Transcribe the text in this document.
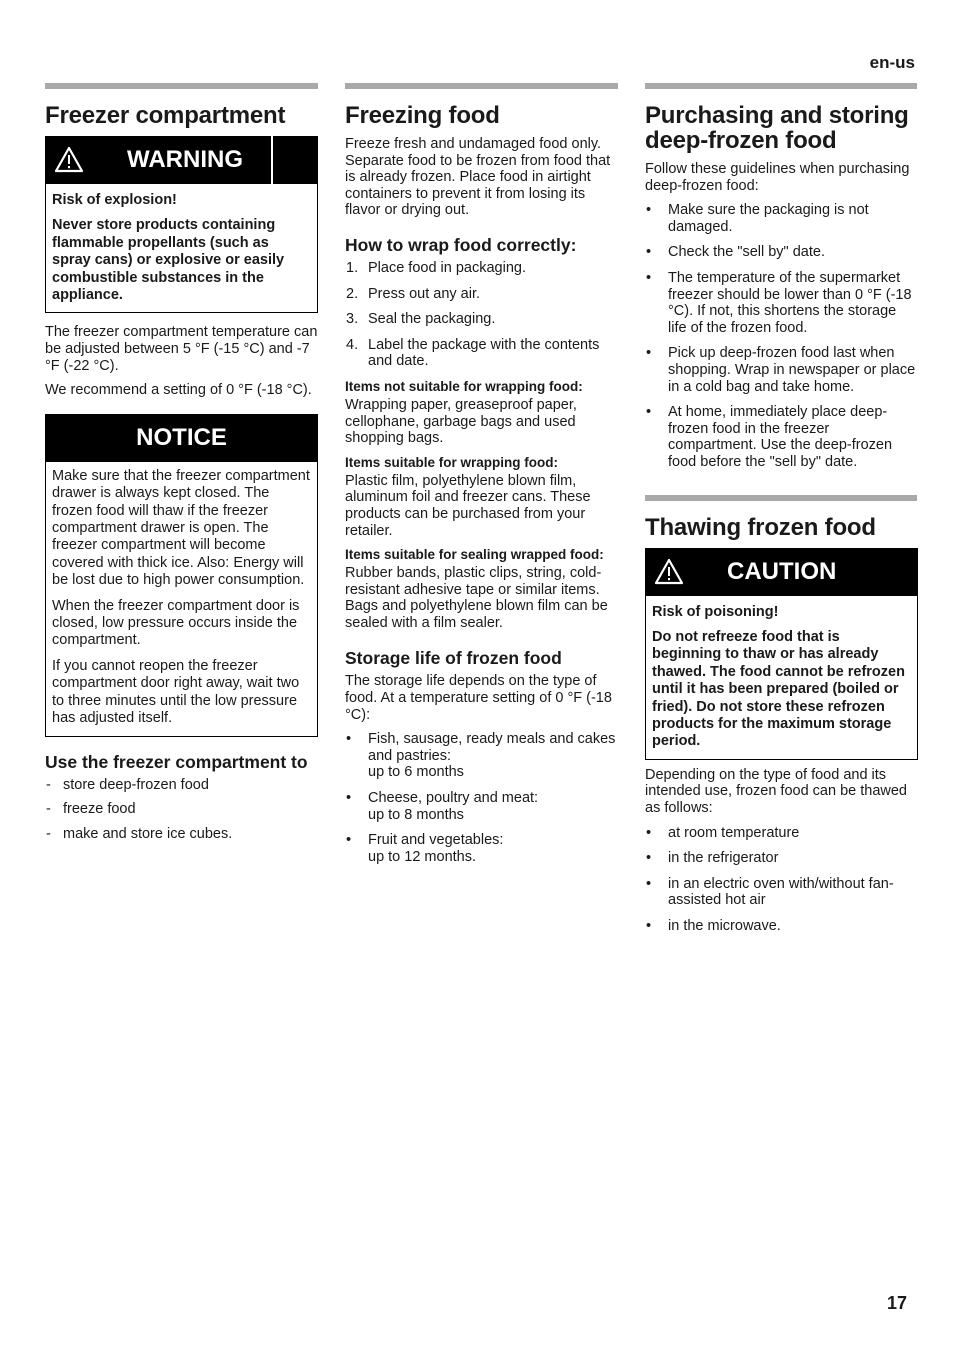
en-us
Freezer compartment
WARNING

Risk of explosion!

Never store products containing flammable propellants (such as spray cans) or explosive or easily combustible substances in the appliance.

The freezer compartment temperature can be adjusted between 5 °F (-15 °C) and -7 °F (-22 °C).

We recommend a setting of 0 °F (-18 °C).

NOTICE

Make sure that the freezer compartment drawer is always kept closed. The frozen food will thaw if the freezer compartment drawer is open. The freezer compartment will become covered with thick ice. Also: Energy will be lost due to high power consumption.

When the freezer compartment door is closed, low pressure occurs inside the compartment.

If you cannot reopen the freezer compartment door right away, wait two to three minutes until the low pressure has adjusted itself.

Use the freezer compartment to
- store deep-frozen food
- freeze food
- make and store ice cubes.
Freezing food

Freeze fresh and undamaged food only. Separate food to be frozen from food that is already frozen. Place food in airtight containers to prevent it from losing its flavor or drying out.

How to wrap food correctly:
1. Place food in packaging.
2. Press out any air.
3. Seal the packaging.
4. Label the package with the contents and date.
Items not suitable for wrapping food:

Wrapping paper, greaseproof paper, cellophane, garbage bags and used shopping bags.

Items suitable for wrapping food:

Plastic film, polyethylene blown film, aluminum foil and freezer cans. These products can be purchased from your retailer.

Items suitable for sealing wrapped food:

Rubber bands, plastic clips, string, cold-resistant adhesive tape or similar items.

Bags and polyethylene blown film can be sealed with a film sealer.

Storage life of frozen food

The storage life depends on the type of food. At a temperature setting of 0 °F (-18 °C):

• Fish, sausage, ready meals and cakes and pastries:
up to 6 months
• Cheese, poultry and meat:
up to 8 months
• Fruit and vegetables:
up to 12 months.
Purchasing and storing deep-frozen food

Follow these guidelines when purchasing deep-frozen food:

• Make sure the packaging is not damaged.
• Check the "sell by" date.
• The temperature of the supermarket freezer should be lower than 0 °F (-18 °C). If not, this shortens the storage life of the frozen food.
• Pick up deep-frozen food last when shopping. Wrap in newspaper or place in a cold bag and take home.
• At home, immediately place deep-frozen food in the freezer compartment. Use the deep-frozen food before the "sell by" date.
Thawing frozen food
CAUTION

Risk of poisoning!

Do not refreeze food that is beginning to thaw or has already thawed. The food cannot be refrozen until it has been prepared (boiled or fried). Do not store these refrozen products for the maximum storage period.

Depending on the type of food and its intended use, frozen food can be thawed as follows:

• at room temperature
• in the refrigerator
• in an electric oven with/without fan-assisted hot air
• in the microwave.
17
